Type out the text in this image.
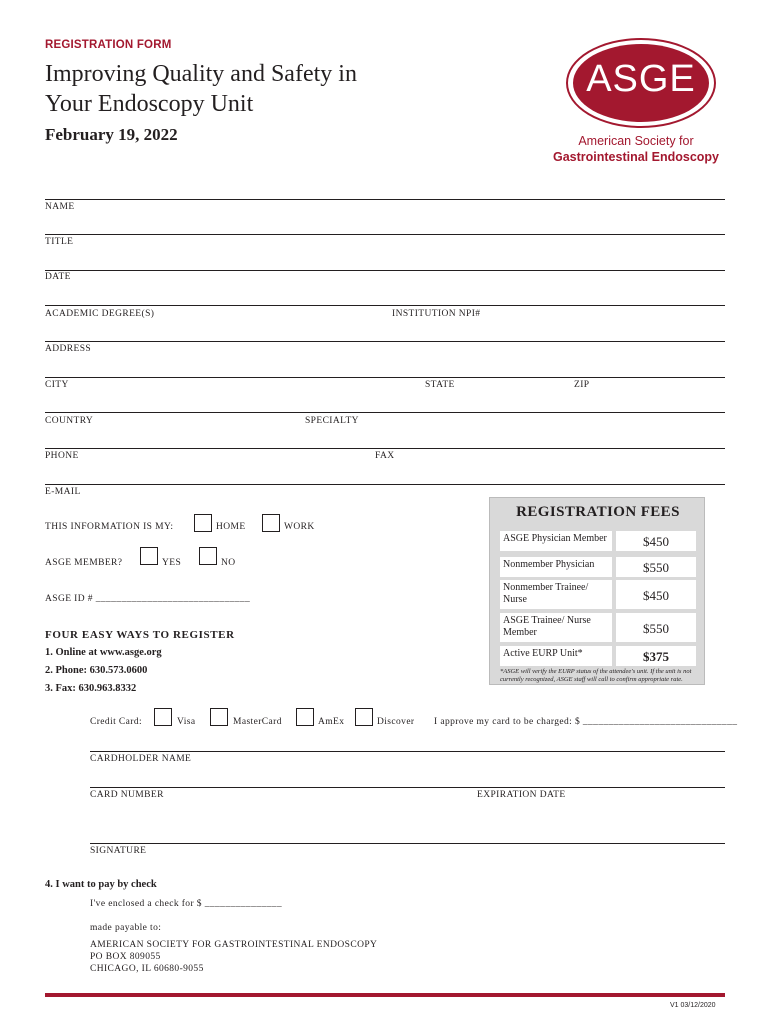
REGISTRATION FORM
Improving Quality and Safety in
Your Endoscopy Unit
February 19, 2022
ASGE
American Society for
Gastrointestinal Endoscopy
NAME
TITLE
DATE
ACADEMIC DEGREE(S)	INSTITUTION NPI#
ADDRESS
CITY	STATE	ZIP
COUNTRY	SPECIALTY
PHONE	FAX
E-MAIL
THIS INFORMATION IS MY:	HOME	WORK
ASGE MEMBER?	YES	NO
ASGE ID # ______________________________
REGISTRATION FEES
ASGE Physician Member	$450
Nonmember Physician	$550
Nonmember Trainee/ Nurse	$450
ASGE Trainee/ Nurse Member	$550
Active EURP Unit*	$375
*ASGE will verify the EURP status of the attendee's unit. If the unit is not currently recognized, ASGE staff will call to confirm appropriate rate.
FOUR EASY WAYS TO REGISTER
1. Online at www.asge.org
2. Phone: 630.573.0600
3. Fax: 630.963.8332
Credit Card:	Visa	MasterCard	AmEx	Discover I approve my card to be charged: $ ______________________________
CARDHOLDER NAME
CARD NUMBER	EXPIRATION DATE
SIGNATURE
4. I want to pay by check
I've enclosed a check for $ _______________
made payable to:
AMERICAN SOCIETY FOR GASTROINTESTINAL ENDOSCOPY
PO BOX 809055
CHICAGO, IL 60680-9055
V1 03/12/2020
